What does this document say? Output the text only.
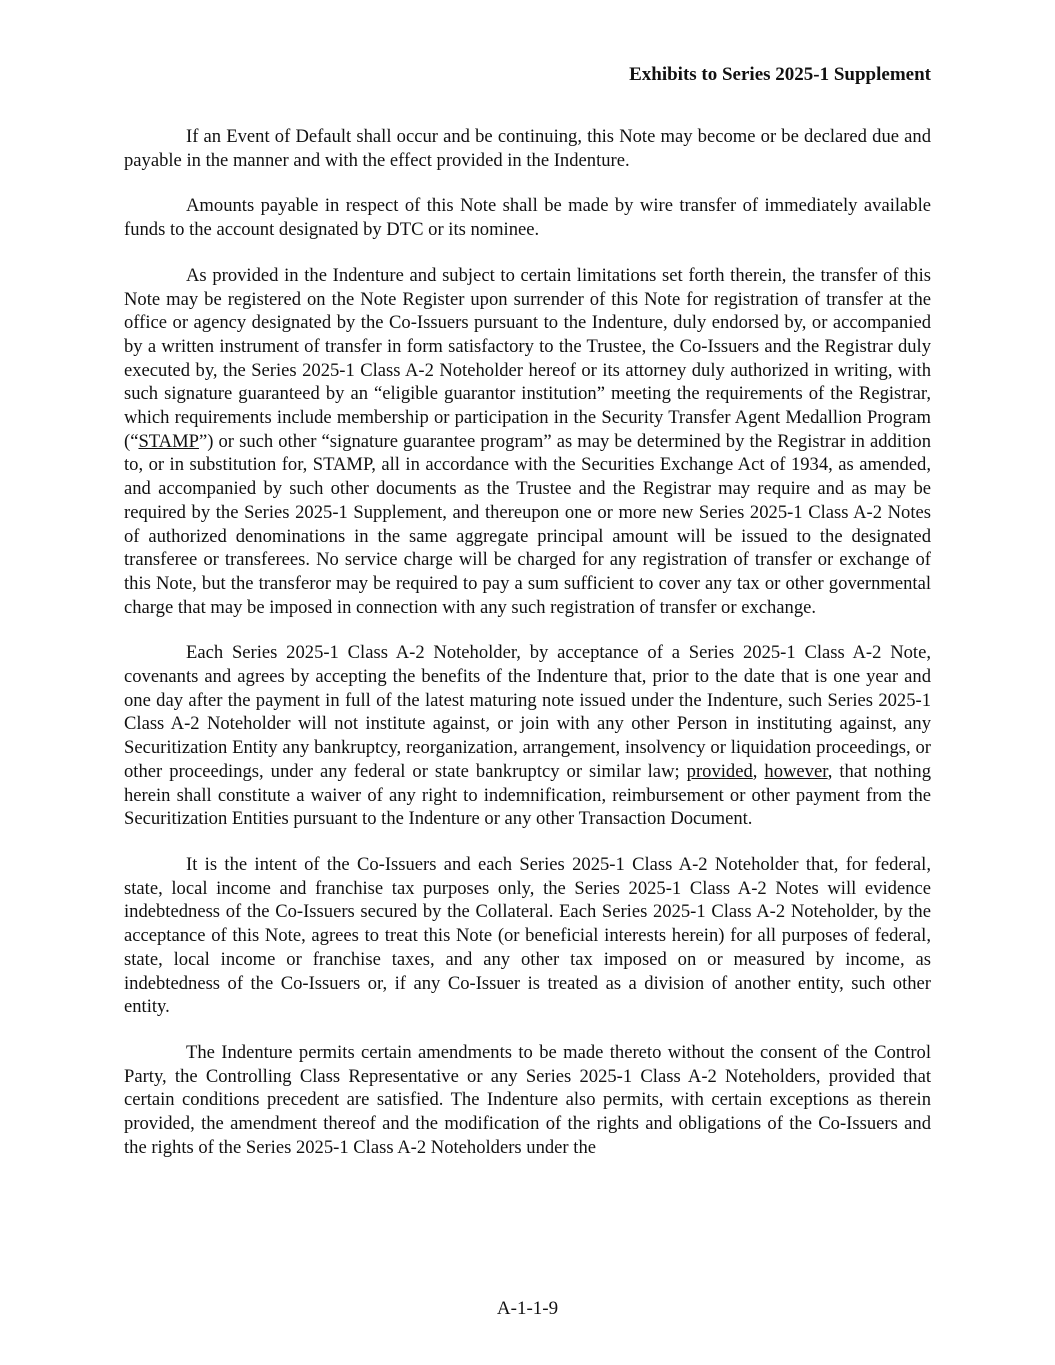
Exhibits to Series 2025-1 Supplement

If an Event of Default shall occur and be continuing, this Note may become or be declared due and payable in the manner and with the effect provided in the Indenture.

Amounts payable in respect of this Note shall be made by wire transfer of immediately available funds to the account designated by DTC or its nominee.

As provided in the Indenture and subject to certain limitations set forth therein, the transfer of this Note may be registered on the Note Register upon surrender of this Note for registration of transfer at the office or agency designated by the Co-Issuers pursuant to the Indenture, duly endorsed by, or accompanied by a written instrument of transfer in form satisfactory to the Trustee, the Co-Issuers and the Registrar duly executed by, the Series 2025-1 Class A-2 Noteholder hereof or its attorney duly authorized in writing, with such signature guaranteed by an “eligible guarantor institution” meeting the requirements of the Registrar, which requirements include membership or participation in the Security Transfer Agent Medallion Program (“STAMP”) or such other “signature guarantee program” as may be determined by the Registrar in addition to, or in substitution for, STAMP, all in accordance with the Securities Exchange Act of 1934, as amended, and accompanied by such other documents as the Trustee and the Registrar may require and as may be required by the Series 2025-1 Supplement, and thereupon one or more new Series 2025-1 Class A-2 Notes of authorized denominations in the same aggregate principal amount will be issued to the designated transferee or transferees. No service charge will be charged for any registration of transfer or exchange of this Note, but the transferor may be required to pay a sum sufficient to cover any tax or other governmental charge that may be imposed in connection with any such registration of transfer or exchange.

Each Series 2025-1 Class A-2 Noteholder, by acceptance of a Series 2025-1 Class A-2 Note, covenants and agrees by accepting the benefits of the Indenture that, prior to the date that is one year and one day after the payment in full of the latest maturing note issued under the Indenture, such Series 2025-1 Class A-2 Noteholder will not institute against, or join with any other Person in instituting against, any Securitization Entity any bankruptcy, reorganization, arrangement, insolvency or liquidation proceedings, or other proceedings, under any federal or state bankruptcy or similar law; provided, however, that nothing herein shall constitute a waiver of any right to indemnification, reimbursement or other payment from the Securitization Entities pursuant to the Indenture or any other Transaction Document.

It is the intent of the Co-Issuers and each Series 2025-1 Class A-2 Noteholder that, for federal, state, local income and franchise tax purposes only, the Series 2025-1 Class A-2 Notes will evidence indebtedness of the Co-Issuers secured by the Collateral. Each Series 2025-1 Class A-2 Noteholder, by the acceptance of this Note, agrees to treat this Note (or beneficial interests herein) for all purposes of federal, state, local income or franchise taxes, and any other tax imposed on or measured by income, as indebtedness of the Co-Issuers or, if any Co-Issuer is treated as a division of another entity, such other entity.

The Indenture permits certain amendments to be made thereto without the consent of the Control Party, the Controlling Class Representative or any Series 2025-1 Class A-2 Noteholders, provided that certain conditions precedent are satisfied. The Indenture also permits, with certain exceptions as therein provided, the amendment thereof and the modification of the rights and obligations of the Co-Issuers and the rights of the Series 2025-1 Class A-2 Noteholders under the

A-1-1-9
